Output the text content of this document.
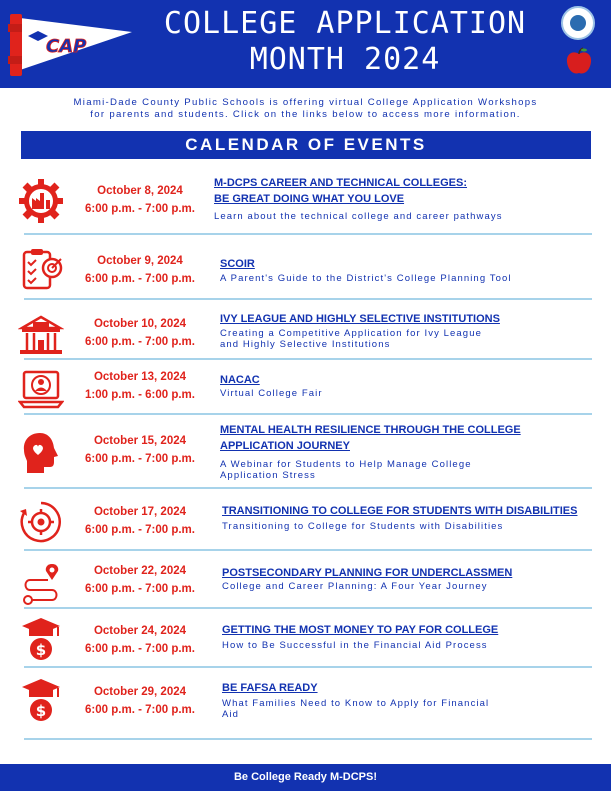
CAP
COLLEGE APPLICATION
MONTH 2024
Miami-Dade County Public Schools is offering virtual College Application Workshops
for parents and students. Click on the links below to access more information.
CALENDAR OF EVENTS
October 8, 2024
6:00 p.m. - 7:00 p.m.
M-DCPS CAREER AND TECHNICAL COLLEGES:
BE GREAT DOING WHAT YOU LOVE
Learn about the technical college and career pathways
October 9, 2024
6:00 p.m. - 7:00 p.m.
SCOIR
A Parent's Guide to the District's College Planning Tool
October 10, 2024
6:00 p.m. - 7:00 p.m.
IVY LEAGUE AND HIGHLY SELECTIVE INSTITUTIONS
Creating a Competitive Application for Ivy League
and Highly Selective Institutions
October 13, 2024
1:00 p.m. - 6:00 p.m.
NACAC
Virtual College Fair
October 15, 2024
6:00 p.m. - 7:00 p.m.
MENTAL HEALTH RESILIENCE THROUGH THE COLLEGE
APPLICATION JOURNEY
A Webinar for Students to Help Manage College
Application Stress
October 17, 2024
6:00 p.m. - 7:00 p.m.
TRANSITIONING TO COLLEGE FOR STUDENTS WITH DISABILITIES
Transitioning to College for Students with Disabilities
October 22, 2024
6:00 p.m. - 7:00 p.m.
POSTSECONDARY PLANNING FOR UNDERCLASSMEN
College and Career Planning: A Four Year Journey
$
October 24, 2024
6:00 p.m. - 7:00 p.m.
GETTING THE MOST MONEY TO PAY FOR COLLEGE
How to Be Successful in the Financial Aid Process
$
October 29, 2024
6:00 p.m. - 7:00 p.m.
BE FAFSA READY
What Families Need to Know to Apply for Financial
Aid
Be College Ready M-DCPS!
